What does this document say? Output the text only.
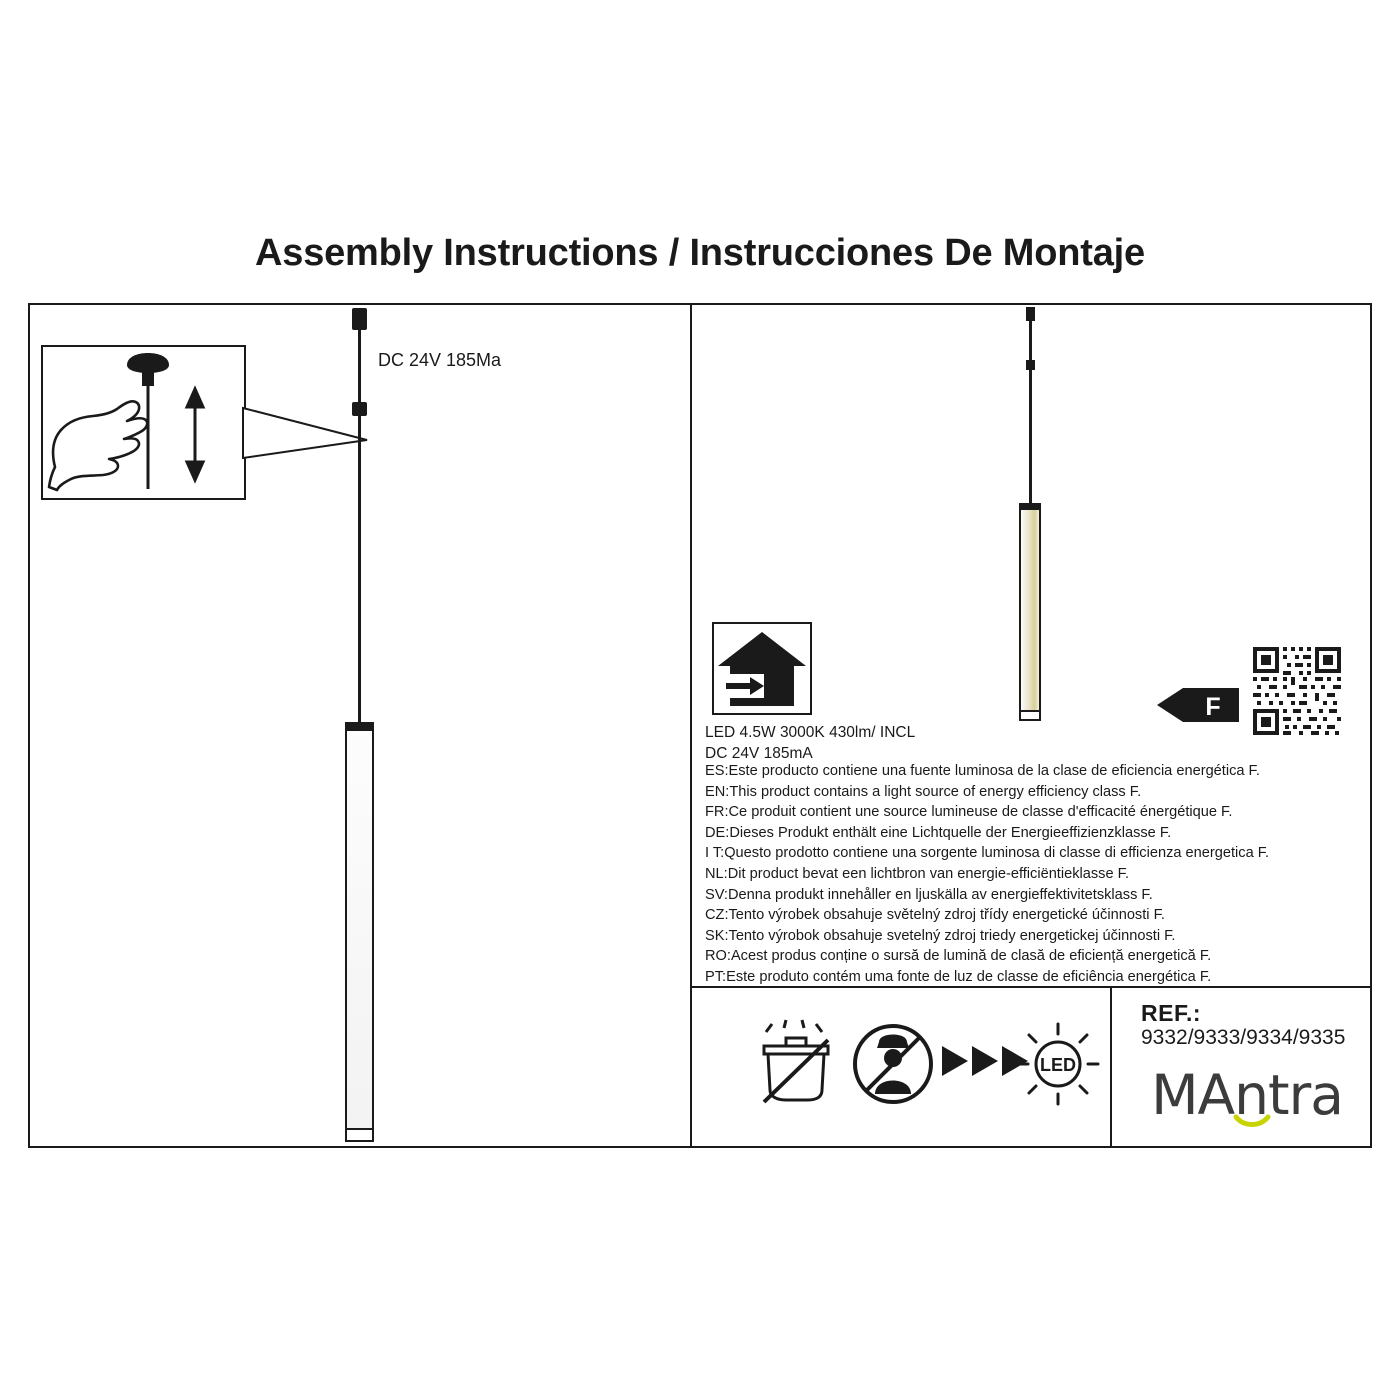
Assembly Instructions / Instrucciones De Montaje
DC 24V 185Ma
F
LED 4.5W 3000K 430lm/ INCL
DC 24V 185mA
ES:Este producto contiene una fuente luminosa de la clase de eficiencia energética F.
EN:This product contains a light source of energy efficiency class F.
FR:Ce produit contient une source lumineuse de classe d'efficacité énergétique F.
DE:Dieses Produkt enthält eine Lichtquelle der Energieeffizienzklasse F.
I T:Questo prodotto contiene una sorgente luminosa di classe di efficienza energetica F.
NL:Dit product bevat een lichtbron van energie-efficiëntieklasse F.
SV:Denna produkt innehåller en ljuskälla av energieffektivitetsklass F.
CZ:Tento výrobek obsahuje světelný zdroj třídy energetické účinnosti F.
SK:Tento výrobok obsahuje svetelný zdroj triedy energetickej účinnosti F.
RO:Acest produs conține o sursă de lumină de clasă de eficiență energetică F.
PT:Este produto contém uma fonte de luz de classe de eficiência energética F.
REF.:
9332/9333/9334/9335
MAntra
LED
